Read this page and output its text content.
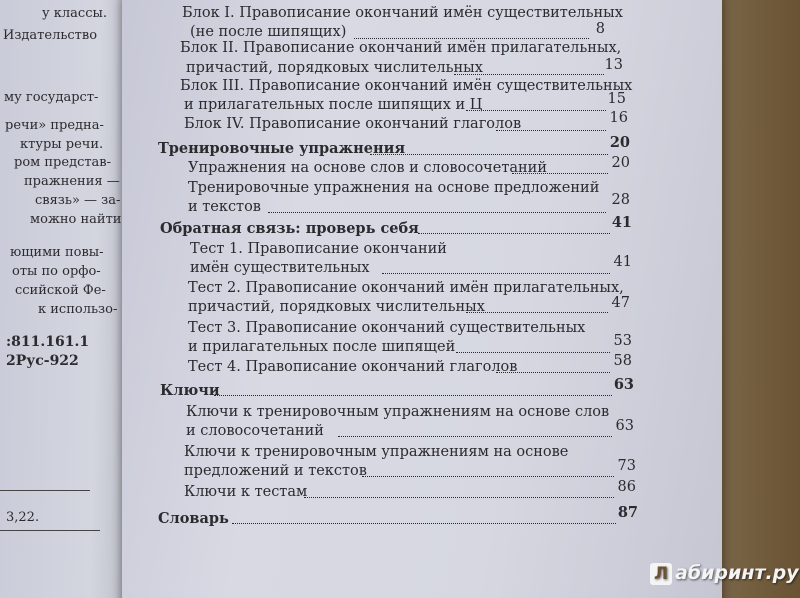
у классы.
Издательство
му государст-
речи» предна-
ктуры речи.
ром представ-
пражнения —
связь» — за-
можно найти
ющими повы-
оты по орфо-
ссийской Фе-
к использо-
:811.161.1
2Рус-922
3,22.
Блок I. Правописание окончаний имён существительных
(не после шипящих)	8
Блок II. Правописание окончаний имён прилагательных,
причастий, порядковых числительных	13
Блок III. Правописание окончаний имён существительных
и прилагательных после шипящих и Ц	15
Блок IV. Правописание окончаний глаголов	16
Тренировочные упражнения	20
Упражнения на основе слов и словосочетаний	20
Тренировочные упражнения на основе предложений
и текстов	28
Обратная связь: проверь себя	41
Тест 1. Правописание окончаний
имён существительных	41
Тест 2. Правописание окончаний имён прилагательных,
причастий, порядковых числительных	47
Тест 3. Правописание окончаний существительных
и прилагательных после шипящей	53
Тест 4. Правописание окончаний глаголов	58
Ключи	63
Ключи к тренировочным упражнениям на основе слов
и словосочетаний	63
Ключи к тренировочным упражнениям на основе
предложений и текстов	73
Ключи к тестам	86
Словарь	87
Л абиринт.ру
